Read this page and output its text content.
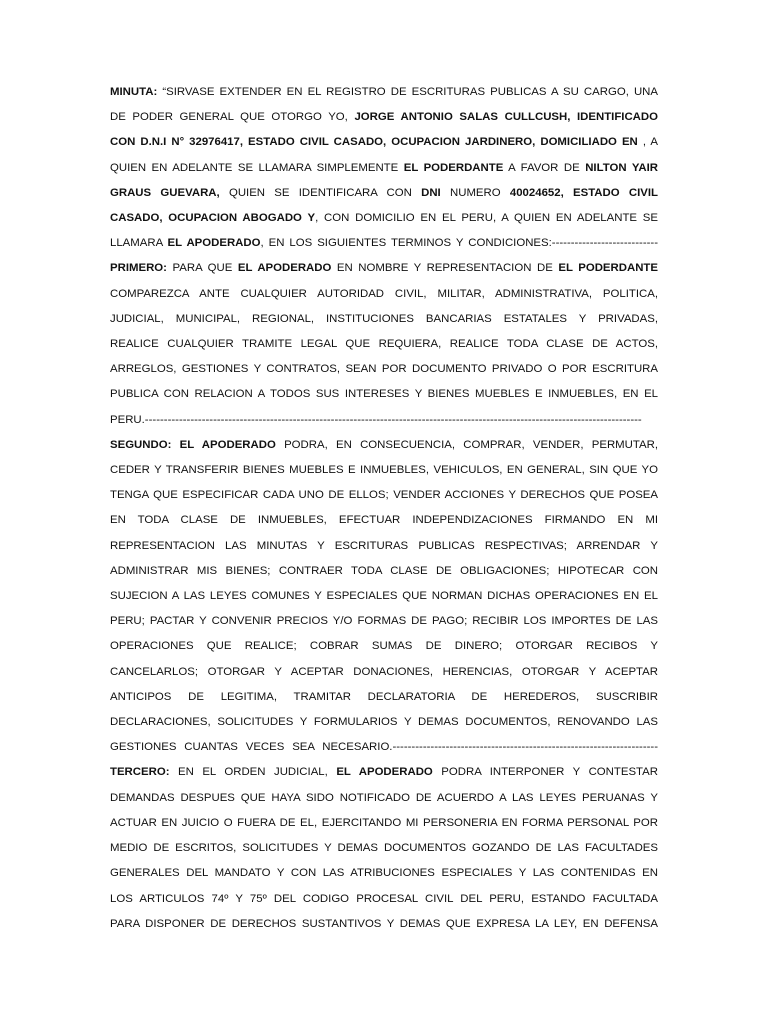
MINUTA: “SIRVASE EXTENDER EN EL REGISTRO DE ESCRITURAS PUBLICAS A SU CARGO, UNA
DE PODER GENERAL QUE OTORGO YO, JORGE ANTONIO SALAS CULLCUSH, IDENTIFICADO
CON D.N.I N° 32976417, ESTADO CIVIL CASADO, OCUPACION JARDINERO, DOMICILIADO EN , A
QUIEN EN ADELANTE SE LLAMARA SIMPLEMENTE EL PODERDANTE A FAVOR DE NILTON YAIR
GRAUS GUEVARA, QUIEN SE IDENTIFICARA CON DNI NUMERO 40024652, ESTADO CIVIL
CASADO, OCUPACION ABOGADO Y, CON DOMICILIO EN EL PERU, A QUIEN EN ADELANTE SE
LLAMARA EL APODERADO, EN LOS SIGUIENTES TERMINOS Y CONDICIONES:----------------------------
PRIMERO: PARA QUE EL APODERADO EN NOMBRE Y REPRESENTACION DE EL PODERDANTE
COMPAREZCA ANTE CUALQUIER AUTORIDAD CIVIL, MILITAR, ADMINISTRATIVA, POLITICA,
JUDICIAL, MUNICIPAL, REGIONAL, INSTITUCIONES BANCARIAS ESTATALES Y PRIVADAS,
REALICE CUALQUIER TRAMITE LEGAL QUE REQUIERA, REALICE TODA CLASE DE ACTOS,
ARREGLOS, GESTIONES Y CONTRATOS, SEAN POR DOCUMENTO PRIVADO O POR ESCRITURA
PUBLICA CON RELACION A TODOS SUS INTERESES Y BIENES MUEBLES E INMUEBLES, EN EL
PERU.-----------------------------------------------------------------------------------------------------------------------------------
SEGUNDO: EL APODERADO PODRA, EN CONSECUENCIA, COMPRAR, VENDER, PERMUTAR,
CEDER Y TRANSFERIR BIENES MUEBLES E INMUEBLES, VEHICULOS, EN GENERAL, SIN QUE YO
TENGA QUE ESPECIFICAR CADA UNO DE ELLOS; VENDER ACCIONES Y DERECHOS QUE POSEA
EN TODA CLASE DE INMUEBLES, EFECTUAR INDEPENDIZACIONES FIRMANDO EN MI
REPRESENTACION LAS MINUTAS Y ESCRITURAS PUBLICAS RESPECTIVAS; ARRENDAR Y
ADMINISTRAR MIS BIENES; CONTRAER TODA CLASE DE OBLIGACIONES; HIPOTECAR CON
SUJECION A LAS LEYES COMUNES Y ESPECIALES QUE NORMAN DICHAS OPERACIONES EN EL
PERU; PACTAR Y CONVENIR PRECIOS Y/O FORMAS DE PAGO; RECIBIR LOS IMPORTES DE LAS
OPERACIONES QUE REALICE; COBRAR SUMAS DE DINERO; OTORGAR RECIBOS Y
CANCELARLOS; OTORGAR Y ACEPTAR DONACIONES, HERENCIAS, OTORGAR Y ACEPTAR
ANTICIPOS DE LEGITIMA, TRAMITAR DECLARATORIA DE HEREDEROS, SUSCRIBIR
DECLARACIONES, SOLICITUDES Y FORMULARIOS Y DEMAS DOCUMENTOS, RENOVANDO LAS
GESTIONES CUANTAS VECES SEA NECESARIO.----------------------------------------------------------------------
TERCERO: EN EL ORDEN JUDICIAL, EL APODERADO PODRA INTERPONER Y CONTESTAR
DEMANDAS DESPUES QUE HAYA SIDO NOTIFICADO DE ACUERDO A LAS LEYES PERUANAS Y
ACTUAR EN JUICIO O FUERA DE EL, EJERCITANDO MI PERSONERIA EN FORMA PERSONAL POR
MEDIO DE ESCRITOS, SOLICITUDES Y DEMAS DOCUMENTOS GOZANDO DE LAS FACULTADES
GENERALES DEL MANDATO Y CON LAS ATRIBUCIONES ESPECIALES Y LAS CONTENIDAS EN
LOS ARTICULOS 74º Y 75º DEL CODIGO PROCESAL CIVIL DEL PERU, ESTANDO FACULTADA
PARA DISPONER DE DERECHOS SUSTANTIVOS Y DEMAS QUE EXPRESA LA LEY, EN DEFENSA
